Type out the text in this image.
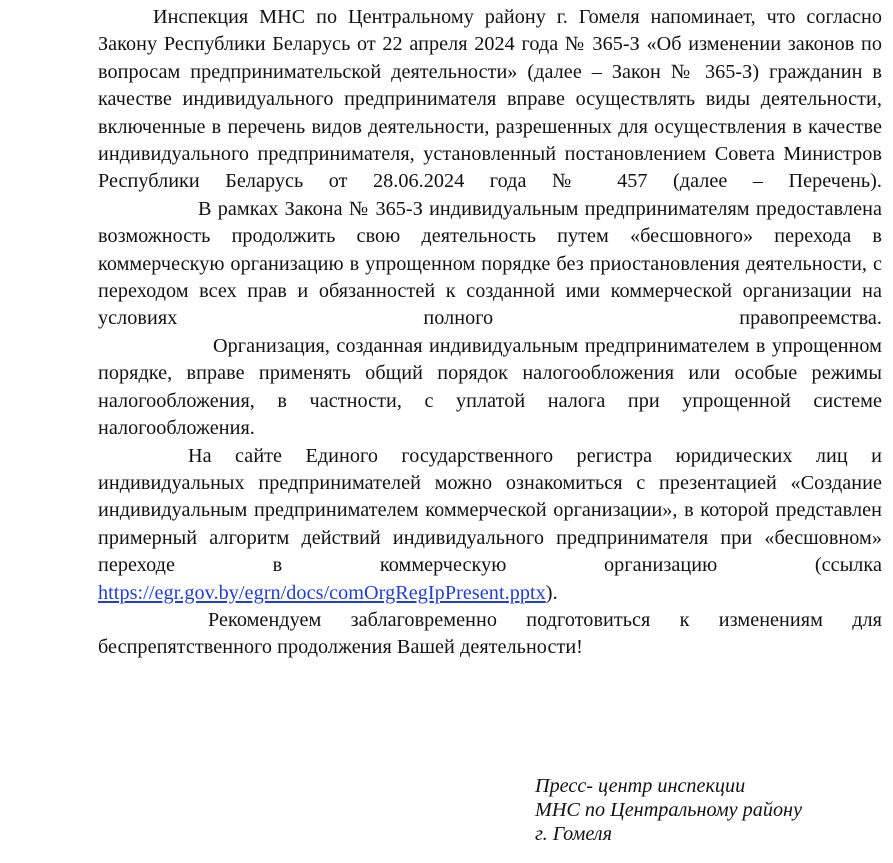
Инспекция МНС по Центральному району г. Гомеля напоминает, что согласно Закону Республики Беларусь от 22 апреля 2024 года № 365-З «Об изменении законов по вопросам предпринимательской деятельности» (далее – Закон № 365-З) гражданин в качестве индивидуального предпринимателя вправе осуществлять виды деятельности, включенные в перечень видов деятельности, разрешенных для осуществления в качестве индивидуального предпринимателя, установленный постановлением Совета Министров Республики Беларусь от 28.06.2024 года № 457 (далее – Перечень).

В рамках Закона № 365-З индивидуальным предпринимателям предоставлена возможность продолжить свою деятельность путем «бесшовного» перехода в коммерческую организацию в упрощенном порядке без приостановления деятельности, с переходом всех прав и обязанностей к созданной ими коммерческой организации на условиях полного правопреемства.

Организация, созданная индивидуальным предпринимателем в упрощенном порядке, вправе применять общий порядок налогообложения или особые режимы налогообложения, в частности, с уплатой налога при упрощенной системе налогообложения.

На сайте Единого государственного регистра юридических лиц и индивидуальных предпринимателей можно ознакомиться с презентацией «Создание индивидуальным предпринимателем коммерческой организации», в которой представлен примерный алгоритм действий индивидуального предпринимателя при «бесшовном» переходе в коммерческую организацию (ссылка https://egr.gov.by/egrn/docs/comOrgRegIpPresent.pptx).

Рекомендуем заблаговременно подготовиться к изменениям для беспрепятственного продолжения Вашей деятельности!

Пресс- центр инспекции
МНС по Центральному району
г. Гомеля
